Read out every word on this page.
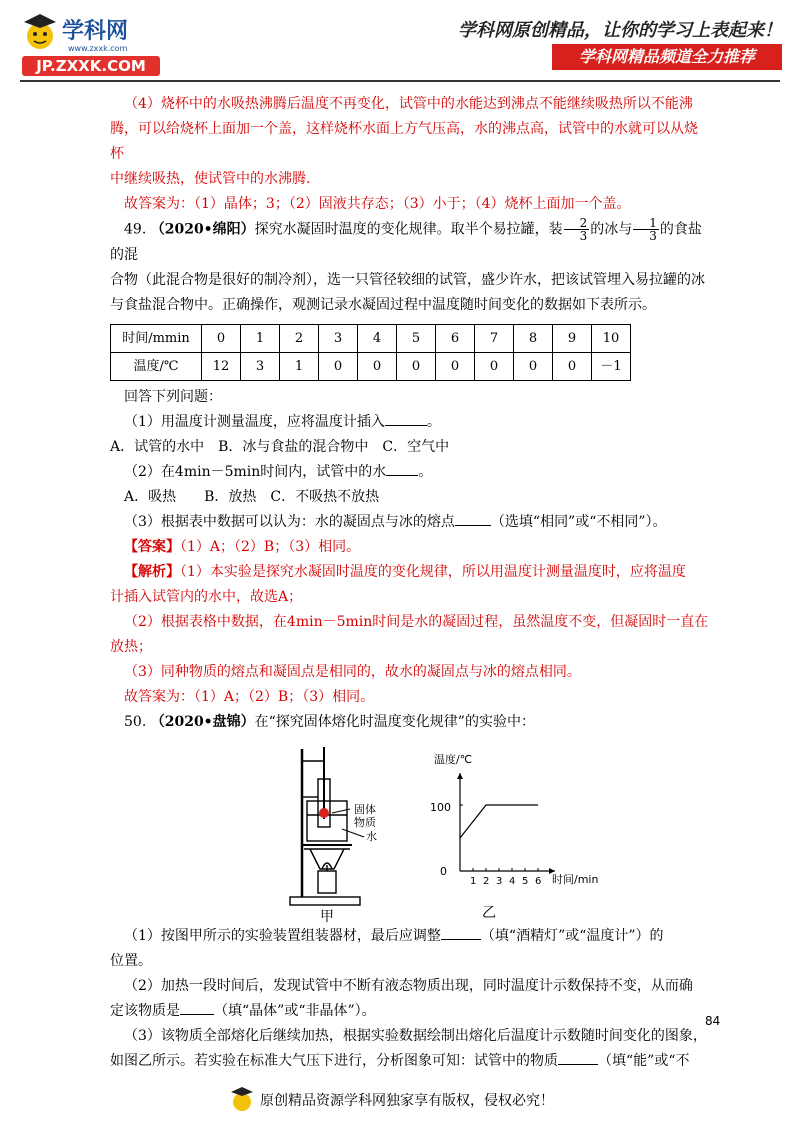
学科网
www.zxxk.com
JP.ZXXK.COM
学科网原创精品，让你的学习上表起来！
学科网精品频道全力推荐

（4）烧杯中的水吸热沸腾后温度不再变化，试管中的水能达到沸点不能继续吸热所以不能沸

腾，可以给烧杯上面加一个盖，这样烧杯水面上方气压高，水的沸点高，试管中的水就可以从烧杯
中继续吸热，使试管中的水沸腾.

故答案为：（1）晶体；3；（2）固液共存态；（3）小于；（4）烧杯上面加一个盖。

49. （2020•绵阳）探究水凝固时温度的变化规律。取半个易拉罐，装 $\frac{2}{3}$ 的冰与 $\frac{1}{3}$ 的食盐的混

合物（此混合物是很好的制冷剂），选一只管径较细的试管，盛少许水，把该试管埋入易拉罐的冰
与食盐混合物中。正确操作，观测记录水凝固过程中温度随时间变化的数据如下表所示。

时间/mmin	0	1	2	3	4	5	6	7	8	9	10
温度/℃	12	3	1	0	0	0	0	0	0	0	－1

回答下列问题：

（1）用温度计测量温度，应将温度计插入	。

A．试管的水中　B．冰与食盐的混合物中　C．空气中

（2）在4min－5min时间内，试管中的水 。

A．吸热　　B．放热　C．不吸热不放热

（3）根据表中数据可以认为：水的凝固点与冰的熔点	（选填“相同”或“不相同”）。

【答案】（1）A；（2）B；（3）相同。

【解析】（1）本实验是探究水凝固时温度的变化规律，所以用温度计测量温度时，应将温度

计插入试管内的水中，故选A；

（2）根据表格中数据，在4min－5min时间是水的凝固过程，虽然温度不变，但凝固时一直在

放热；

（3）同种物质的熔点和凝固点是相同的，故水的凝固点与冰的熔点相同。

故答案为：（1）A；（2）B；（3）相同。

50. （2020•盘锦）在“探究固体熔化时温度变化规律”的实验中：

固体
物质
水
甲
1 2 3 4 5 6
温度/℃
100
0
时间/min
乙

（1）按图甲所示的实验装置组装器材，最后应调整	（填“酒精灯”或“温度计”）的

位置。

（2）加热一段时间后，发现试管中不断有液态物质出现，同时温度计示数保持不变，从而确

定该物质是 （填“晶体”或“非晶体”）。

（3）该物质全部熔化后继续加热，根据实验数据绘制出熔化后温度计示数随时间变化的图象，

如图乙所示。若实验在标准大气压下进行，分析图象可知：试管中的物质	（填“能”或“不

84
原创精品资源学科网独家享有版权，侵权必究！
